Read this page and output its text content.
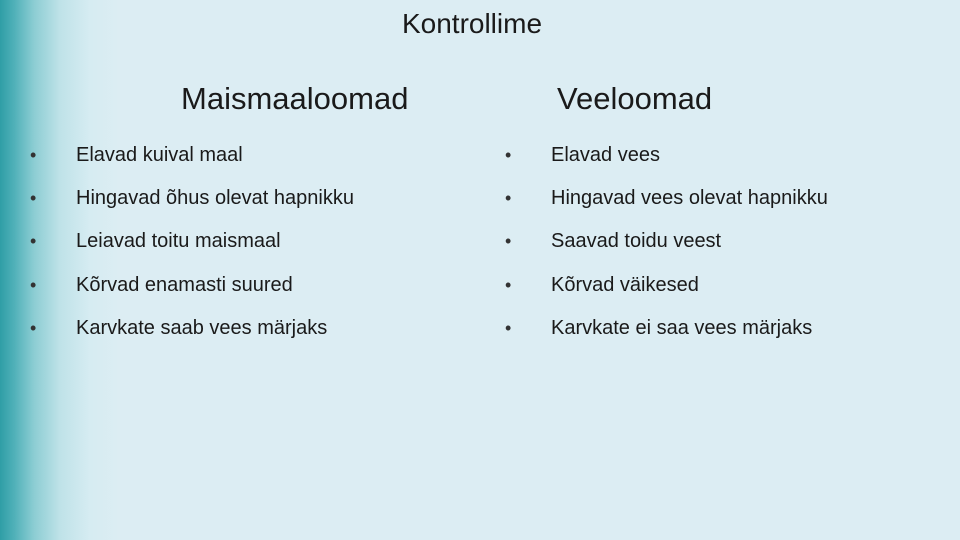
Kontrollime
Maismaaloomad	Veeloomad
•	Elavad kuival maal
•	Hingavad õhus olevat hapnikku
•	Leiavad toitu maismaal
•	Kõrvad enamasti suured
•	Karvkate saab vees märjaks
•	Elavad vees
•	Hingavad vees olevat hapnikku
•	Saavad toidu veest
•	Kõrvad väikesed
•	Karvkate ei saa vees märjaks
